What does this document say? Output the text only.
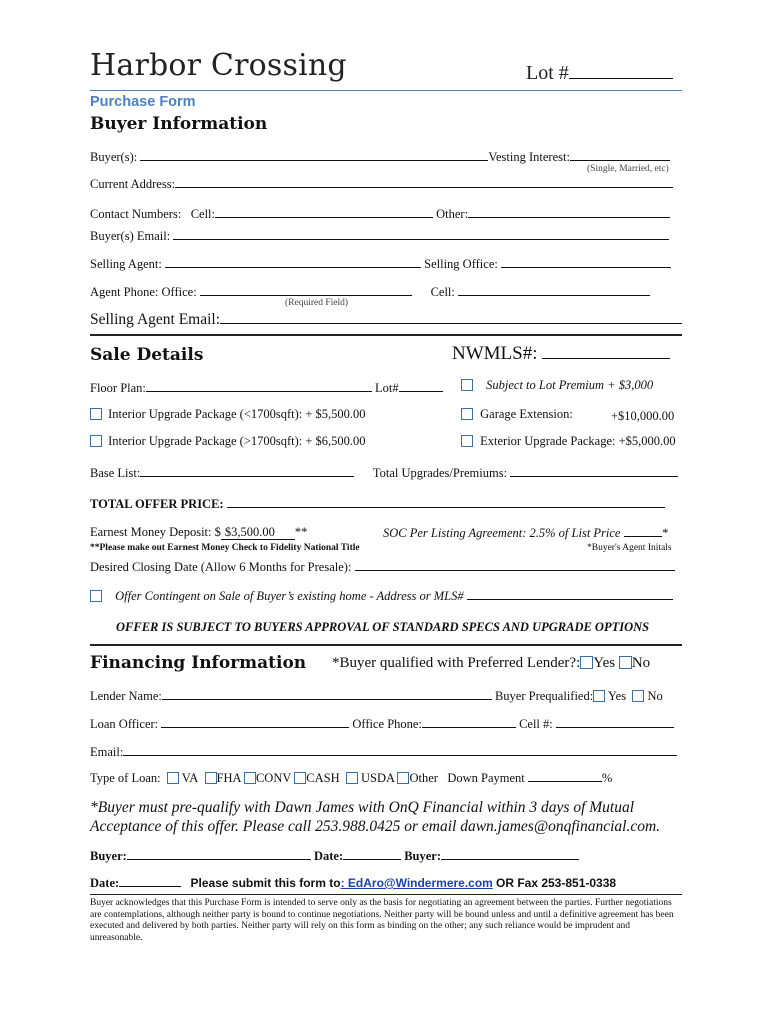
Harbor Crossing	Lot #
Purchase Form
Buyer Information
Buyer(s):	Vesting Interest:
(Single, Married, etc)
Current Address:
Contact Numbers: Cell:	Other:
Buyer(s) Email:
Selling Agent:	Selling Office:
Agent Phone: Office:	Cell:
(Required Field)
Selling Agent Email:
Sale Details	NWMLS#:
Floor Plan:	Lot#	Subject to Lot Premium + $3,000
Interior Upgrade Package (<1700sqft): + $5,500.00	Garage Extension:	+$10,000.00
Interior Upgrade Package (>1700sqft): + $6,500.00	Exterior Upgrade Package: +$5,000.00
Base List:	Total Upgrades/Premiums:
TOTAL OFFER PRICE:
Earnest Money Deposit: $ $3,500.00 **	SOC Per Listing Agreement: 2.5% of List Price	*
**Please make out Earnest Money Check to Fidelity National Title	*Buyer's Agent Initals
Desired Closing Date (Allow 6 Months for Presale):
Offer Contingent on Sale of Buyer’s existing home - Address or MLS#
OFFER IS SUBJECT TO BUYERS APPROVAL OF STANDARD SPECS AND UPGRADE OPTIONS
Financing Information *Buyer qualified with Preferred Lender?: Yes No
Lender Name:	Buyer Prequalified: Yes No
Loan Officer:	Office Phone:	Cell #:
Email:
Type of Loan: VA FHA CONV CASH USDA Other Down Payment	%
*Buyer must pre-qualify with Dawn James with OnQ Financial within 3 days of Mutual
Acceptance of this offer. Please call 253.988.0425 or email dawn.james@onqfinancial.com.
Buyer:	Date:	Buyer:
Date:	Please submit this form to: EdAro@Windermere.com OR Fax 253-851-0338
Buyer acknowledges that this Purchase Form is intended to serve only as the basis for negotiating an agreement between the parties. Further negotiations are contemplations, although neither party is bound to continue negotiations. Neither party will be bound unless and until a definitive agreement has been executed and delivered by both parties. Neither party will rely on this form as binding on the other; any such reliance would be imprudent and unreasonable.
